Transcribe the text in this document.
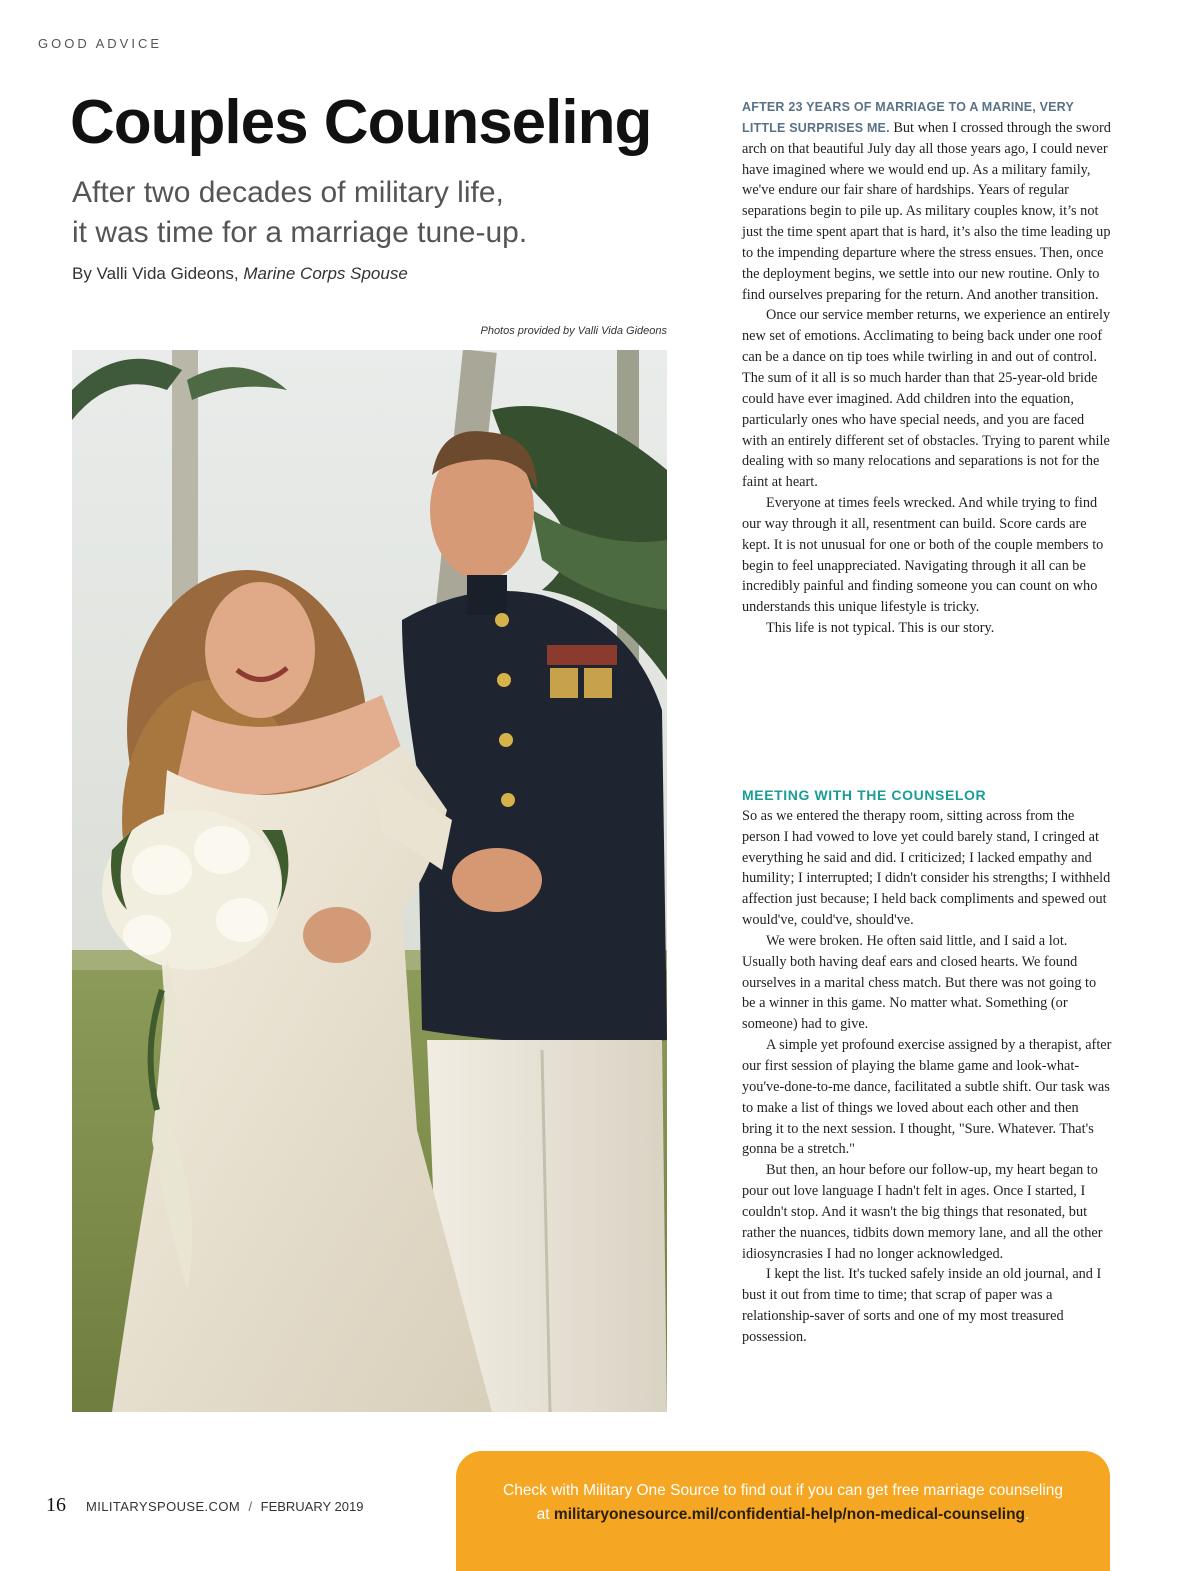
GOOD ADVICE
Couples Counseling
After two decades of military life,
it was time for a marriage tune-up.
By Valli Vida Gideons, Marine Corps Spouse
Photos provided by Valli Vida Gideons

AFTER 23 YEARS OF MARRIAGE TO A MARINE, VERY LITTLE SURPRISES ME. But when I crossed through the sword arch on that beautiful July day all those years ago, I could never have imagined where we would end up. As a military family, we've endure our fair share of hardships. Years of regular separations begin to pile up. As military couples know, it’s not just the time spent apart that is hard, it’s also the time leading up to the impending departure where the stress ensues. Then, once the deployment begins, we settle into our new routine. Only to find ourselves preparing for the return. And another transition.

Once our service member returns, we experience an entirely new set of emotions. Acclimating to being back under one roof can be a dance on tip toes while twirling in and out of control. The sum of it all is so much harder than that 25-year-old bride could have ever imagined. Add children into the equation, particularly ones who have special needs, and you are faced with an entirely different set of obstacles. Trying to parent while dealing with so many relocations and separations is not for the faint at heart.

Everyone at times feels wrecked. And while trying to find our way through it all, resentment can build. Score cards are kept. It is not unusual for one or both of the couple members to begin to feel unappreciated. Navigating through it all can be incredibly painful and finding someone you can count on who understands this unique lifestyle is tricky.

This life is not typical. This is our story.

MEETING WITH THE COUNSELOR

So as we entered the therapy room, sitting across from the person I had vowed to love yet could barely stand, I cringed at everything he said and did. I criticized; I lacked empathy and humility; I interrupted; I didn't consider his strengths; I withheld affection just because; I held back compliments and spewed out would've, could've, should've.

We were broken. He often said little, and I said a lot. Usually both having deaf ears and closed hearts. We found ourselves in a marital chess match. But there was not going to be a winner in this game. No matter what. Something (or someone) had to give.

A simple yet profound exercise assigned by a therapist, after our first session of playing the blame game and look-what-you've-done-to-me dance, facilitated a subtle shift. Our task was to make a list of things we loved about each other and then bring it to the next session. I thought, "Sure. Whatever. That's gonna be a stretch."

But then, an hour before our follow-up, my heart began to pour out love language I hadn't felt in ages. Once I started, I couldn't stop. And it wasn't the big things that resonated, but rather the nuances, tidbits down memory lane, and all the other idiosyncrasies I had no longer acknowledged.

I kept the list. It's tucked safely inside an old journal, and I bust it out from time to time; that scrap of paper was a relationship-saver of sorts and one of my most treasured possession.

16 MILITARYSPOUSE.COM / FEBRUARY 2019
Check with Military One Source to find out if you can get free marriage counseling
at militaryonesource.mil/confidential-help/non-medical-counseling.
